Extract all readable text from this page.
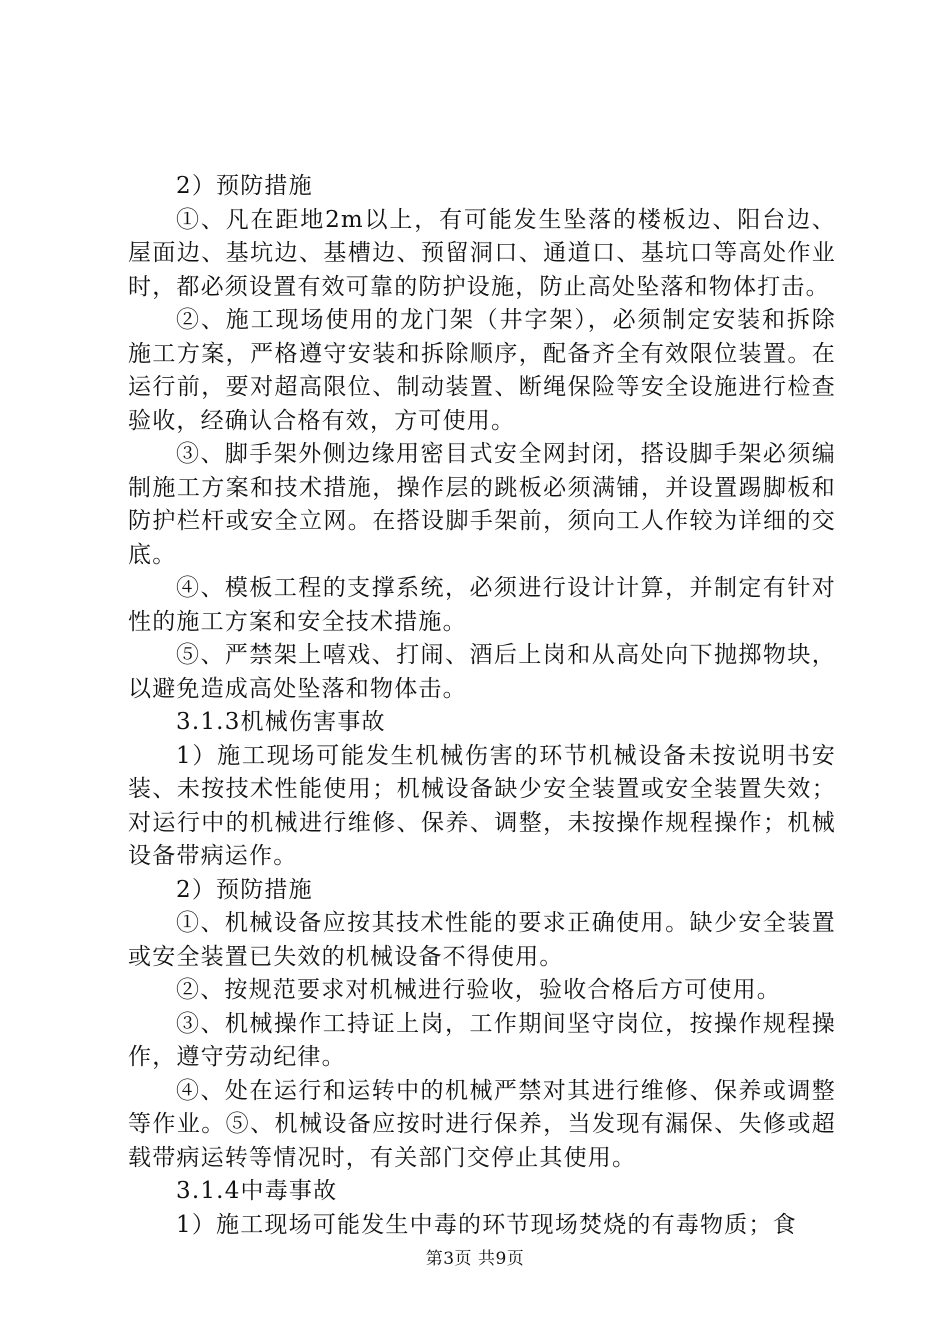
2）预防措施

①、凡在距地2m以上，有可能发生坠落的楼板边、阳台边、屋面边、基坑边、基槽边、预留洞口、通道口、基坑口等高处作业时，都必须设置有效可靠的防护设施，防止高处坠落和物体打击。

②、施工现场使用的龙门架（井字架），必须制定安装和拆除施工方案，严格遵守安装和拆除顺序，配备齐全有效限位装置。在运行前，要对超高限位、制动装置、断绳保险等安全设施进行检查验收，经确认合格有效，方可使用。

③、脚手架外侧边缘用密目式安全网封闭，搭设脚手架必须编制施工方案和技术措施，操作层的跳板必须满铺，并设置踢脚板和防护栏杆或安全立网。在搭设脚手架前，须向工人作较为详细的交底。

④、模板工程的支撑系统，必须进行设计计算，并制定有针对性的施工方案和安全技术措施。

⑤、严禁架上嘻戏、打闹、酒后上岗和从高处向下抛掷物块，以避免造成高处坠落和物体击。

3.1.3机械伤害事故

1）施工现场可能发生机械伤害的环节机械设备未按说明书安装、未按技术性能使用；机械设备缺少安全装置或安全装置失效；对运行中的机械进行维修、保养、调整，未按操作规程操作；机械设备带病运作。

2）预防措施

①、机械设备应按其技术性能的要求正确使用。缺少安全装置或安全装置已失效的机械设备不得使用。

②、按规范要求对机械进行验收，验收合格后方可使用。

③、机械操作工持证上岗，工作期间坚守岗位，按操作规程操作，遵守劳动纪律。

④、处在运行和运转中的机械严禁对其进行维修、保养或调整等作业。⑤、机械设备应按时进行保养，当发现有漏保、失修或超载带病运转等情况时，有关部门交停止其使用。

3.1.4中毒事故

1）施工现场可能发生中毒的环节现场焚烧的有毒物质；食

第3页 共9页
